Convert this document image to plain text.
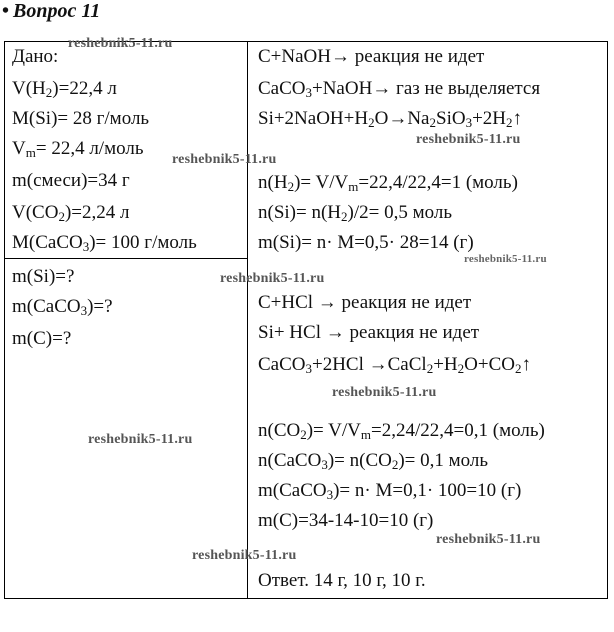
• Вопрос 11
Дано:
$V(H_2)=22,4$ л
M(Si)= 28 г/моль
$V_m= 22,4$ л/моль
m(смеси)=34 г
$V(CO_2)=2,24$ л
M(CaCO$_3$)= 100 г/моль
m(Si)=?
m(CaCO$_3$)=?
m(C)=?
C+NaOH→ реакция не идет
CaCO$_3$+NaOH→ газ не выделяется
$Si+2NaOH+H_2O\to Na_2SiO_3+2H_2↑$
$n(H_2)= V/V_m=22,4/22,4=1$ (моль)
$n(Si)= n(H_2)/2= 0,5$ моль
m(Si)= n· M=0,5· 28=14 (г)
C+HCl → реакция не идет
Si+ HCl → реакция не идет
CaCO$_3$+2HCl $\to CaCl_2+H_2O+CO_2↑$
$n(CO_2)= V/V_m=2,24/22,4=0,1$ (моль)
n(CaCO$_3$)= $n(CO_2)= 0,1$ моль
m(CaCO$_3$)= n· M=0,1· 100=10 (г)
m(C)=34-14-10=10 (г)
Ответ. 14 г, 10 г, 10 г.
reshebnik5-11.ru
reshebnik5-11.ru
reshebnik5-11.ru
reshebnik5-11.ru
reshebnik5-11.ru
reshebnik5-11.ru
reshebnik5-11.ru
reshebnik5-11.ru
reshebnik5-11.ru
